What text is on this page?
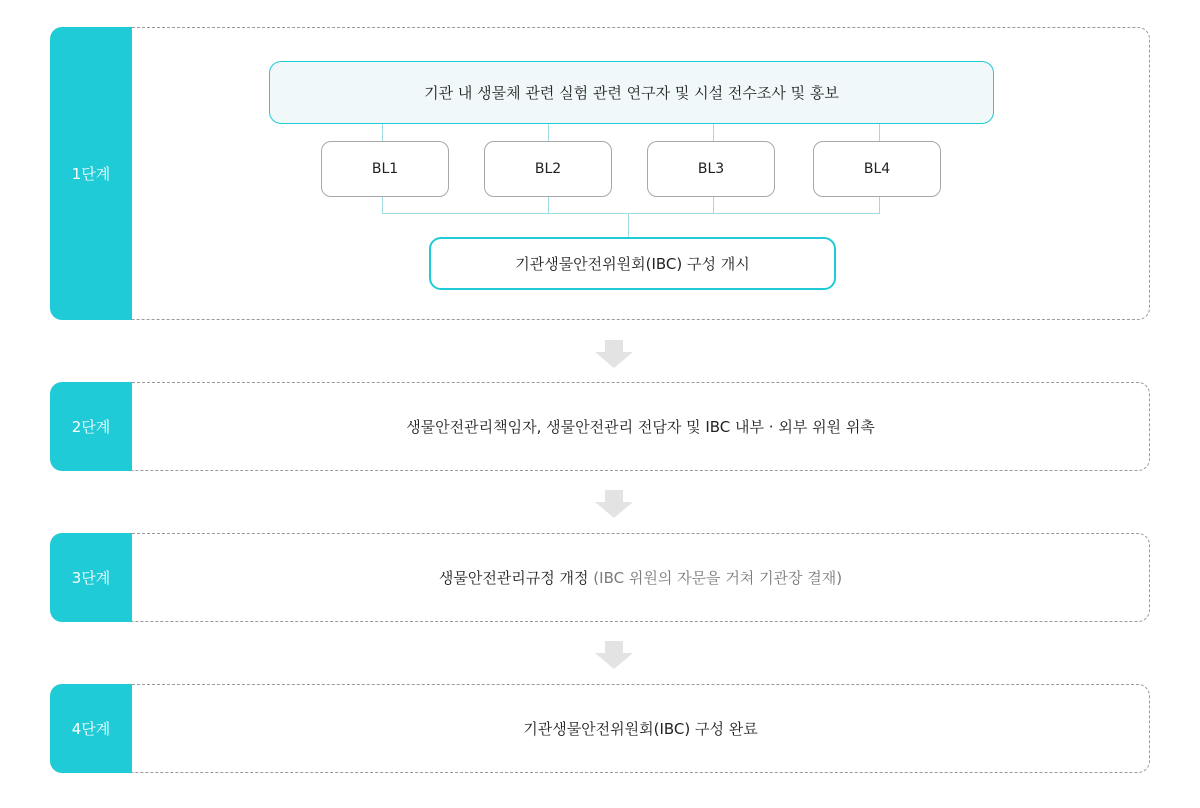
1단계
기관 내 생물체 관련 실험 관련 연구자 및 시설 전수조사 및 홍보
BL1	BL2	BL3	BL4
기관생물안전위원회(IBC) 구성 개시
2단계	생물안전관리책임자, 생물안전관리 전담자 및 IBC 내부 · 외부 위원 위촉
3단계	생물안전관리규정 개정
(IBC 위원의 자문을 거쳐 기관장 결재)
4단계	기관생물안전위원회(IBC) 구성 완료
